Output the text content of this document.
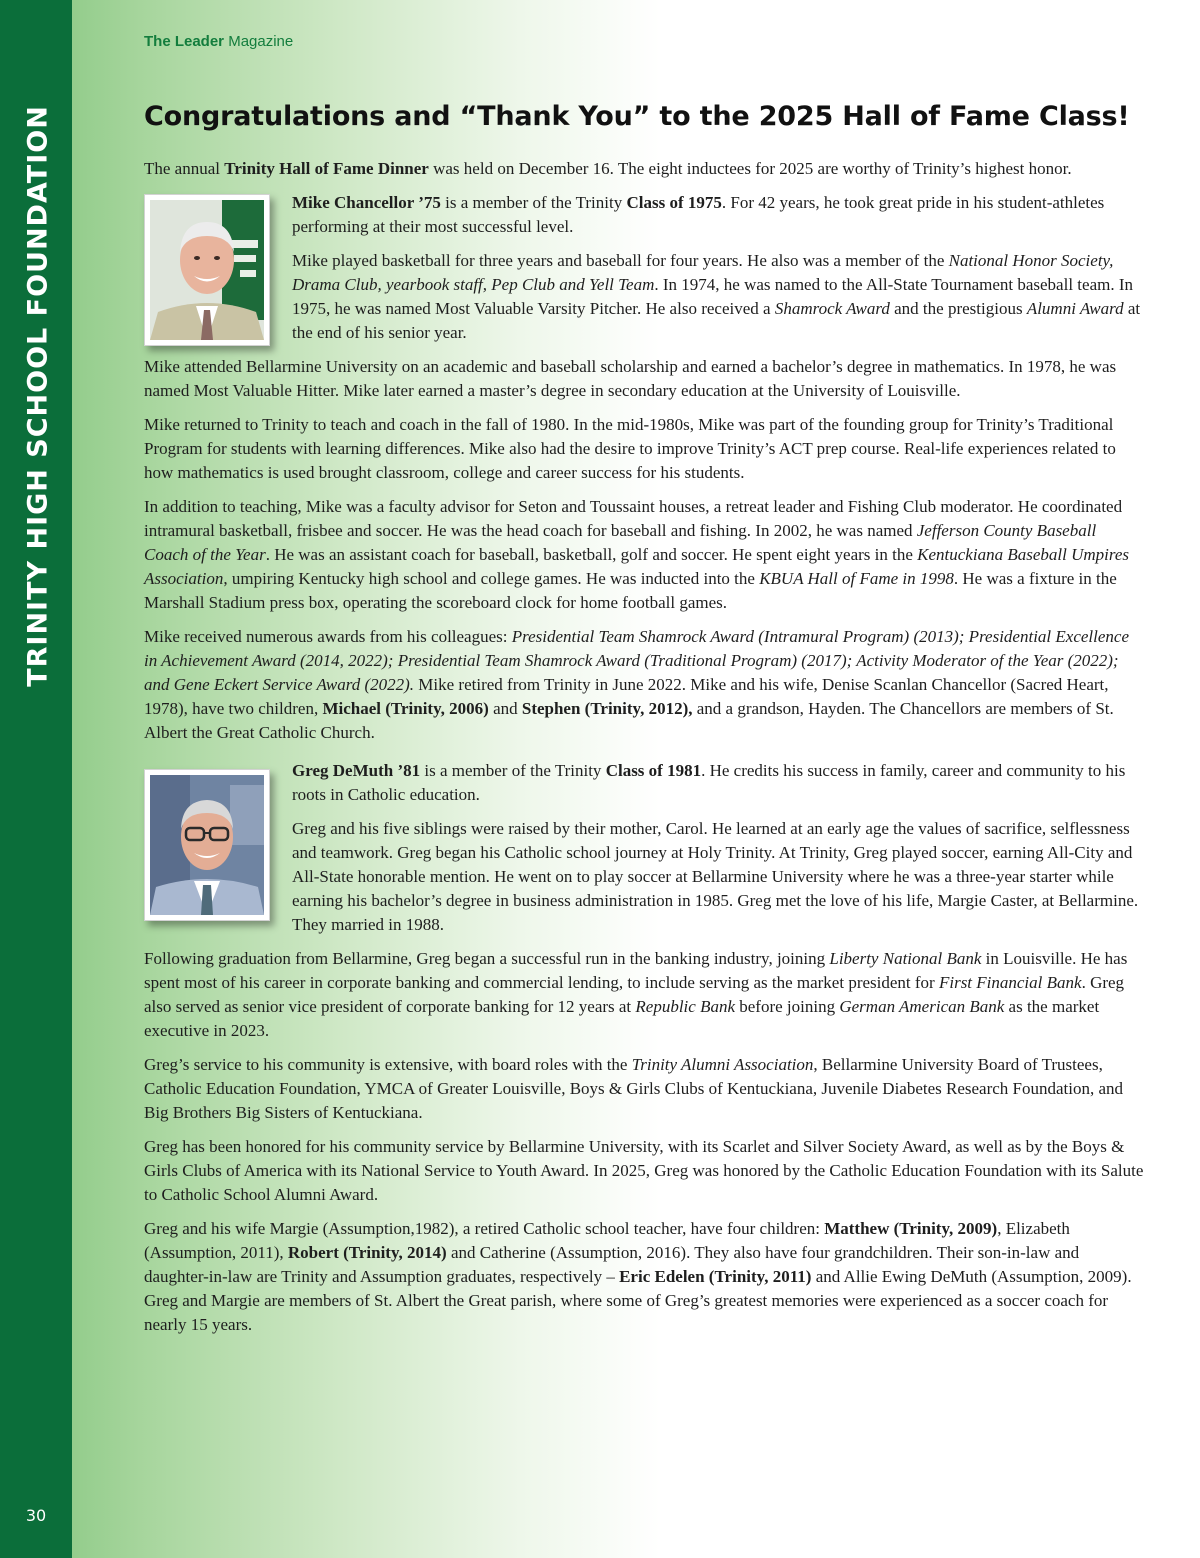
TRINITY HIGH SCHOOL FOUNDATION
30
The Leader Magazine
Congratulations and “Thank You” to the 2025 Hall of Fame Class!

The annual Trinity Hall of Fame Dinner was held on December 16. The eight inductees for 2025 are worthy of Trinity’s highest honor.

Mike Chancellor ’75 is a member of the Trinity Class of 1975. For 42 years, he took great pride in his student-athletes performing at their most successful level.

Mike played basketball for three years and baseball for four years. He also was a member of the National Honor Society, Drama Club, yearbook staff, Pep Club and Yell Team. In 1974, he was named to the All-State Tournament baseball team. In 1975, he was named Most Valuable Varsity Pitcher. He also received a Shamrock Award and the prestigious Alumni Award at the end of his senior year.

Mike attended Bellarmine University on an academic and baseball scholarship and earned a bachelor’s degree in mathematics. In 1978, he was named Most Valuable Hitter. Mike later earned a master’s degree in secondary education at the University of Louisville.

Mike returned to Trinity to teach and coach in the fall of 1980. In the mid-1980s, Mike was part of the founding group for Trinity’s Traditional Program for students with learning differences. Mike also had the desire to improve Trinity’s ACT prep course. Real-life experiences related to how mathematics is used brought classroom, college and career success for his students.

In addition to teaching, Mike was a faculty advisor for Seton and Toussaint houses, a retreat leader and Fishing Club moderator. He coordinated intramural basketball, frisbee and soccer. He was the head coach for baseball and fishing. In 2002, he was named Jefferson County Baseball Coach of the Year. He was an assistant coach for baseball, basketball, golf and soccer. He spent eight years in the Kentuckiana Baseball Umpires Association, umpiring Kentucky high school and college games. He was inducted into the KBUA Hall of Fame in 1998. He was a fixture in the Marshall Stadium press box, operating the scoreboard clock for home football games.

Mike received numerous awards from his colleagues: Presidential Team Shamrock Award (Intramural Program) (2013); Presidential Excellence in Achievement Award (2014, 2022); Presidential Team Shamrock Award (Traditional Program) (2017); Activity Moderator of the Year (2022); and Gene Eckert Service Award (2022). Mike retired from Trinity in June 2022. Mike and his wife, Denise Scanlan Chancellor (Sacred Heart, 1978), have two children, Michael (Trinity, 2006) and Stephen (Trinity, 2012), and a grandson, Hayden. The Chancellors are members of St. Albert the Great Catholic Church.

Greg DeMuth ’81 is a member of the Trinity Class of 1981. He credits his success in family, career and community to his roots in Catholic education.

Greg and his five siblings were raised by their mother, Carol. He learned at an early age the values of sacrifice, selflessness and teamwork. Greg began his Catholic school journey at Holy Trinity. At Trinity, Greg played soccer, earning All-City and All-State honorable mention. He went on to play soccer at Bellarmine University where he was a three-year starter while earning his bachelor’s degree in business administration in 1985. Greg met the love of his life, Margie Caster, at Bellarmine. They married in 1988.

Following graduation from Bellarmine, Greg began a successful run in the banking industry, joining Liberty National Bank in Louisville. He has spent most of his career in corporate banking and commercial lending, to include serving as the market president for First Financial Bank. Greg also served as senior vice president of corporate banking for 12 years at Republic Bank before joining German American Bank as the market executive in 2023.

Greg’s service to his community is extensive, with board roles with the Trinity Alumni Association, Bellarmine University Board of Trustees, Catholic Education Foundation, YMCA of Greater Louisville, Boys & Girls Clubs of Kentuckiana, Juvenile Diabetes Research Foundation, and Big Brothers Big Sisters of Kentuckiana.

Greg has been honored for his community service by Bellarmine University, with its Scarlet and Silver Society Award, as well as by the Boys & Girls Clubs of America with its National Service to Youth Award. In 2025, Greg was honored by the Catholic Education Foundation with its Salute to Catholic School Alumni Award.

Greg and his wife Margie (Assumption,1982), a retired Catholic school teacher, have four children: Matthew (Trinity, 2009), Elizabeth (Assumption, 2011), Robert (Trinity, 2014) and Catherine (Assumption, 2016). They also have four grandchildren. Their son-in-law and daughter-in-law are Trinity and Assumption graduates, respectively – Eric Edelen (Trinity, 2011) and Allie Ewing DeMuth (Assumption, 2009). Greg and Margie are members of St. Albert the Great parish, where some of Greg’s greatest memories were experienced as a soccer coach for nearly 15 years.
